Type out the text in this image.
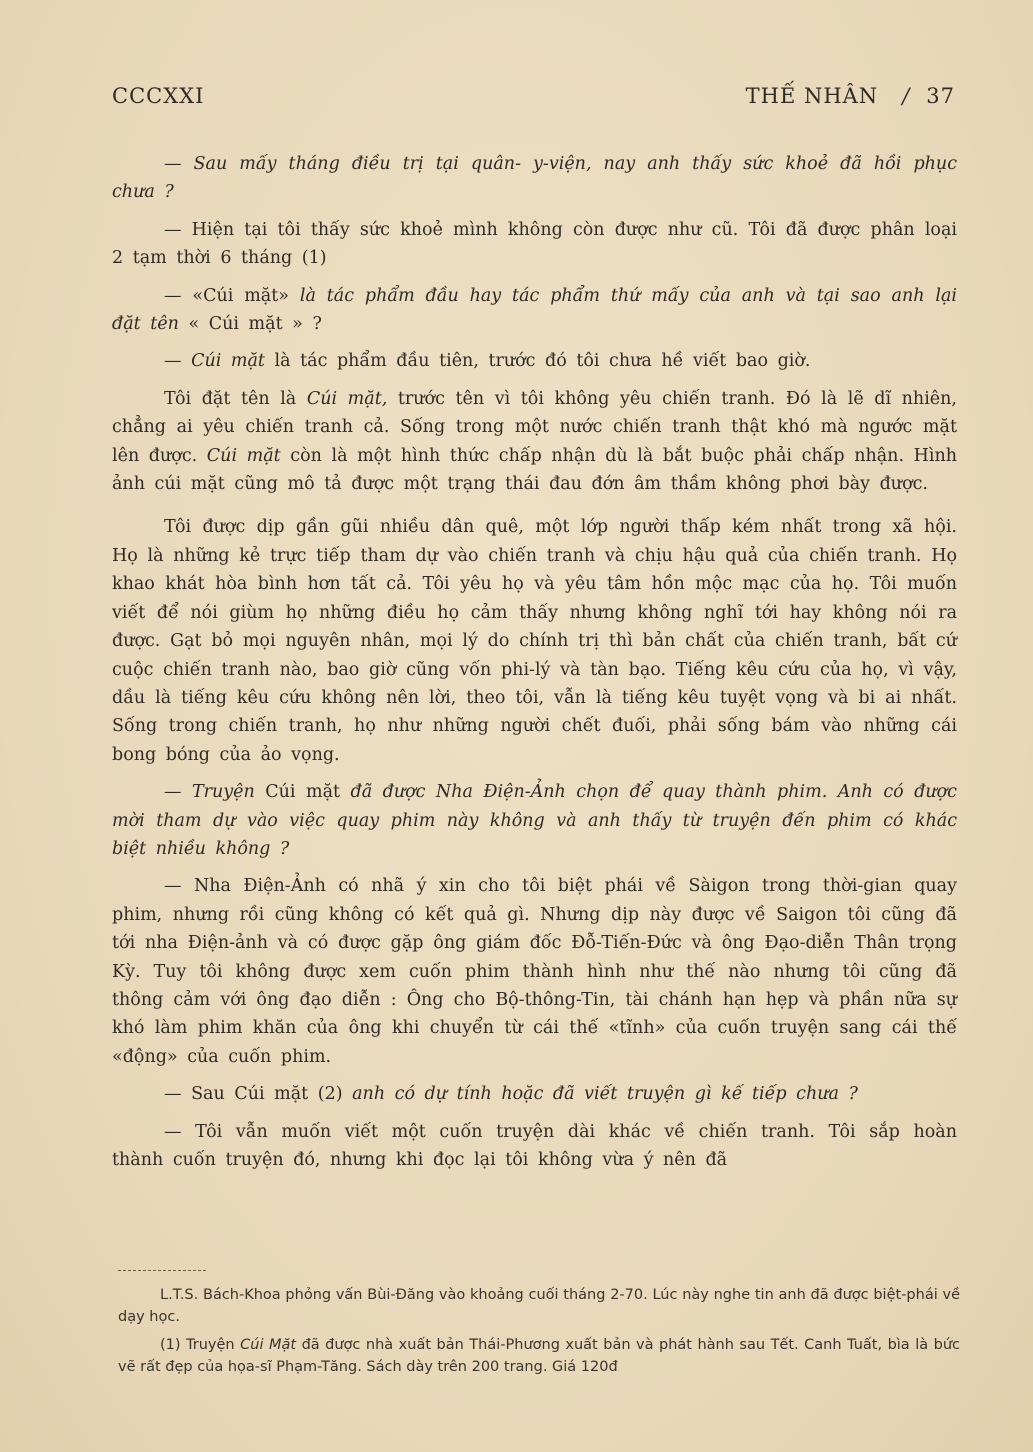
CCCXXI	THẾ NHÂN / 37

— Sau mấy tháng điều trị tại quân- y-viện, nay anh thấy sức khoẻ đã hồi phục chưa ?

— Hiện tại tôi thấy sức khoẻ mình không còn được như cũ. Tôi đã được phân loại 2 tạm thời 6 tháng (1)

— «Cúi mặt» là tác phẩm đầu hay tác phẩm thứ mấy của anh và tại sao anh lại đặt tên « Cúi mặt » ?

— Cúi mặt là tác phẩm đầu tiên, trước đó tôi chưa hề viết bao giờ.

Tôi đặt tên là Cúi mặt, trước tên vì tôi không yêu chiến tranh. Đó là lẽ dĩ nhiên, chẳng ai yêu chiến tranh cả. Sống trong một nước chiến tranh thật khó mà ngước mặt lên được. Cúi mặt còn là một hình thức chấp nhận dù là bắt buộc phải chấp nhận. Hình ảnh cúi mặt cũng mô tả được một trạng thái đau đớn âm thầm không phơi bày được.

Tôi được dịp gần gũi nhiều dân quê, một lớp người thấp kém nhất trong xã hội. Họ là những kẻ trực tiếp tham dự vào chiến tranh và chịu hậu quả của chiến tranh. Họ khao khát hòa bình hơn tất cả. Tôi yêu họ và yêu tâm hồn mộc mạc của họ. Tôi muốn viết để nói giùm họ những điều họ cảm thấy nhưng không nghĩ tới hay không nói ra được. Gạt bỏ mọi nguyên nhân, mọi lý do chính trị thì bản chất của chiến tranh, bất cứ cuộc chiến tranh nào, bao giờ cũng vốn phi-lý và tàn bạo. Tiếng kêu cứu của họ, vì vậy, dầu là tiếng kêu cứu không nên lời, theo tôi, vẫn là tiếng kêu tuyệt vọng và bi ai nhất. Sống trong chiến tranh, họ như những người chết đuối, phải sống bám vào những cái bong bóng của ảo vọng.

— Truyện Cúi mặt đã được Nha Điện-Ảnh chọn để quay thành phim. Anh có được mời tham dự vào việc quay phim này không và anh thấy từ truyện đến phim có khác biệt nhiều không ?

— Nha Điện-Ảnh có nhã ý xin cho tôi biệt phái về Sàigon trong thời-gian quay phim, nhưng rồi cũng không có kết quả gì. Nhưng dịp này được về Saigon tôi cũng đã tới nha Điện-ảnh và có được gặp ông giám đốc Đỗ-Tiến-Đức và ông Đạo-diễn Thân trọng Kỳ. Tuy tôi không được xem cuốn phim thành hình như thế nào nhưng tôi cũng đã thông cảm với ông đạo diễn : Ông cho Bộ-thông-Tin, tài chánh hạn hẹp và phần nữa sự khó làm phim khăn của ông khi chuyển từ cái thế «tĩnh» của cuốn truyện sang cái thế «động» của cuốn phim.

— Sau Cúi mặt (2) anh có dự tính hoặc đã viết truyện gì kế tiếp chưa ?

— Tôi vẫn muốn viết một cuốn truyện dài khác về chiến tranh. Tôi sắp hoàn thành cuốn truyện đó, nhưng khi đọc lại tôi không vừa ý nên đã

L.T.S. Bách-Khoa phỏng vấn Bùi-Đăng vào khoảng cuối tháng 2-70. Lúc này nghe tin anh đã được biệt-phái về dạy học.
(1) Truyện Cúi Mặt đã được nhà xuất bản Thái-Phương xuất bản và phát hành sau Tết. Canh Tuất, bìa là bức vẽ rất đẹp của họa-sĩ Phạm-Tăng. Sách dày trên 200 trang. Giá 120đ
